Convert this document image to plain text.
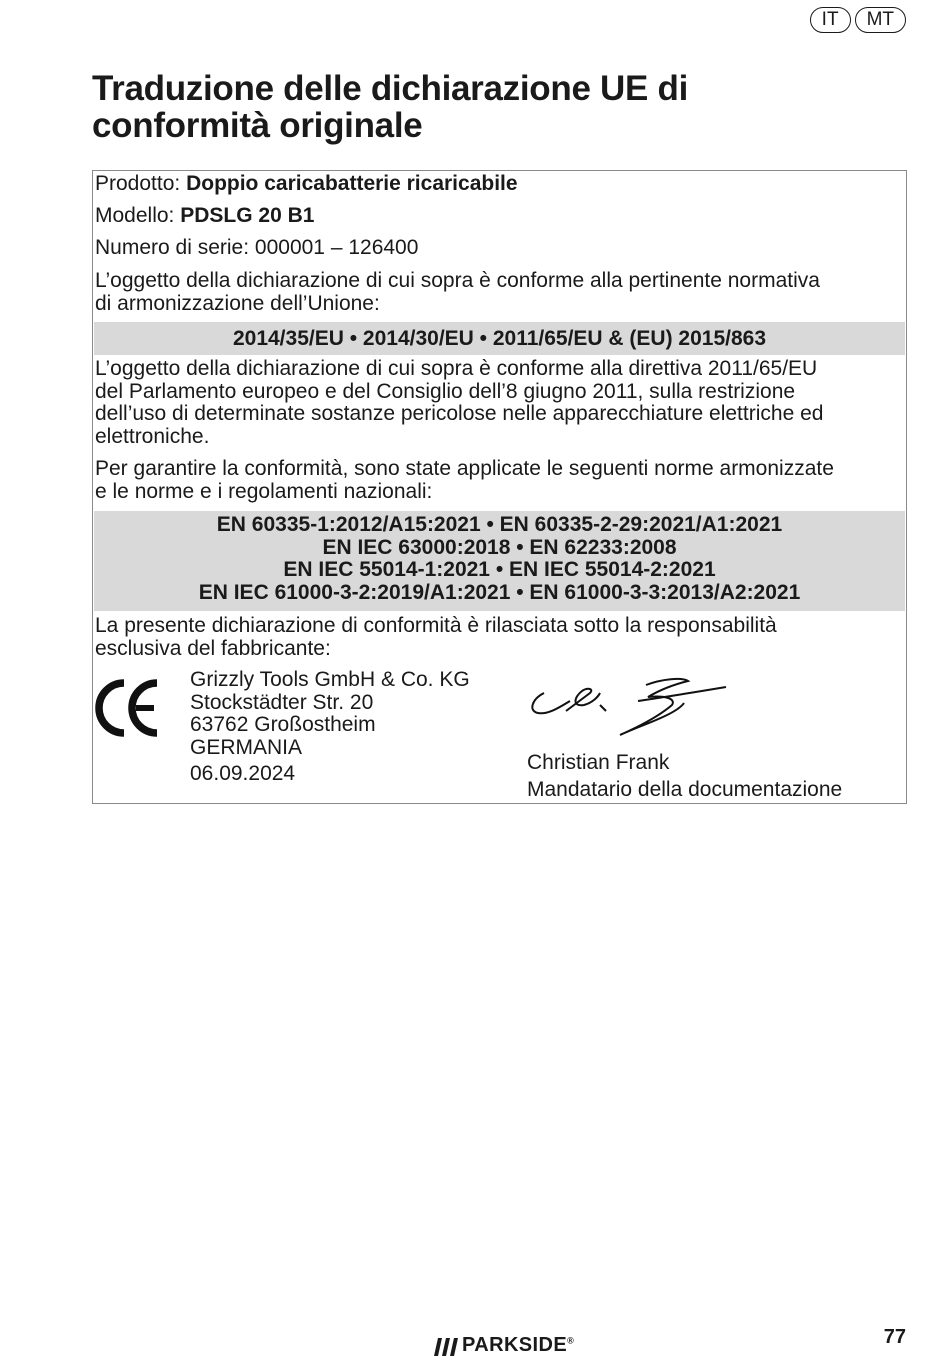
IT	MT
Traduzione delle dichiarazione UE di
conformità originale
Prodotto: Doppio caricabatterie ricaricabile
Modello: PDSLG 20 B1
Numero di serie: 000001 – 126400
L’oggetto della dichiarazione di cui sopra è conforme alla pertinente normativa
di armonizzazione dell’Unione:
2014/35/EU • 2014/30/EU • 2011/65/EU & (EU) 2015/863
L’oggetto della dichiarazione di cui sopra è conforme alla direttiva 2011/65/EU
del Parlamento europeo e del Consiglio dell’8 giugno 2011, sulla restrizione
dell’uso di determinate sostanze pericolose nelle apparecchiature elettriche ed
elettroniche.
Per garantire la conformità, sono state applicate le seguenti norme armonizzate
e le norme e i regolamenti nazionali:
EN 60335-1:2012/A15:2021 • EN 60335-2-29:2021/A1:2021
EN IEC 63000:2018 • EN 62233:2008
EN IEC 55014-1:2021 • EN IEC 55014-2:2021
EN IEC 61000-3-2:2019/A1:2021 • EN 61000-3-3:2013/A2:2021
La presente dichiarazione di conformità è rilasciata sotto la responsabilità
esclusiva del fabbricante:
Grizzly Tools GmbH & Co. KG
Stockstädter Str. 20
63762 Großostheim
GERMANIA
06.09.2024	Christian Frank
Mandatario della documentazione
PARKSIDE®	77
